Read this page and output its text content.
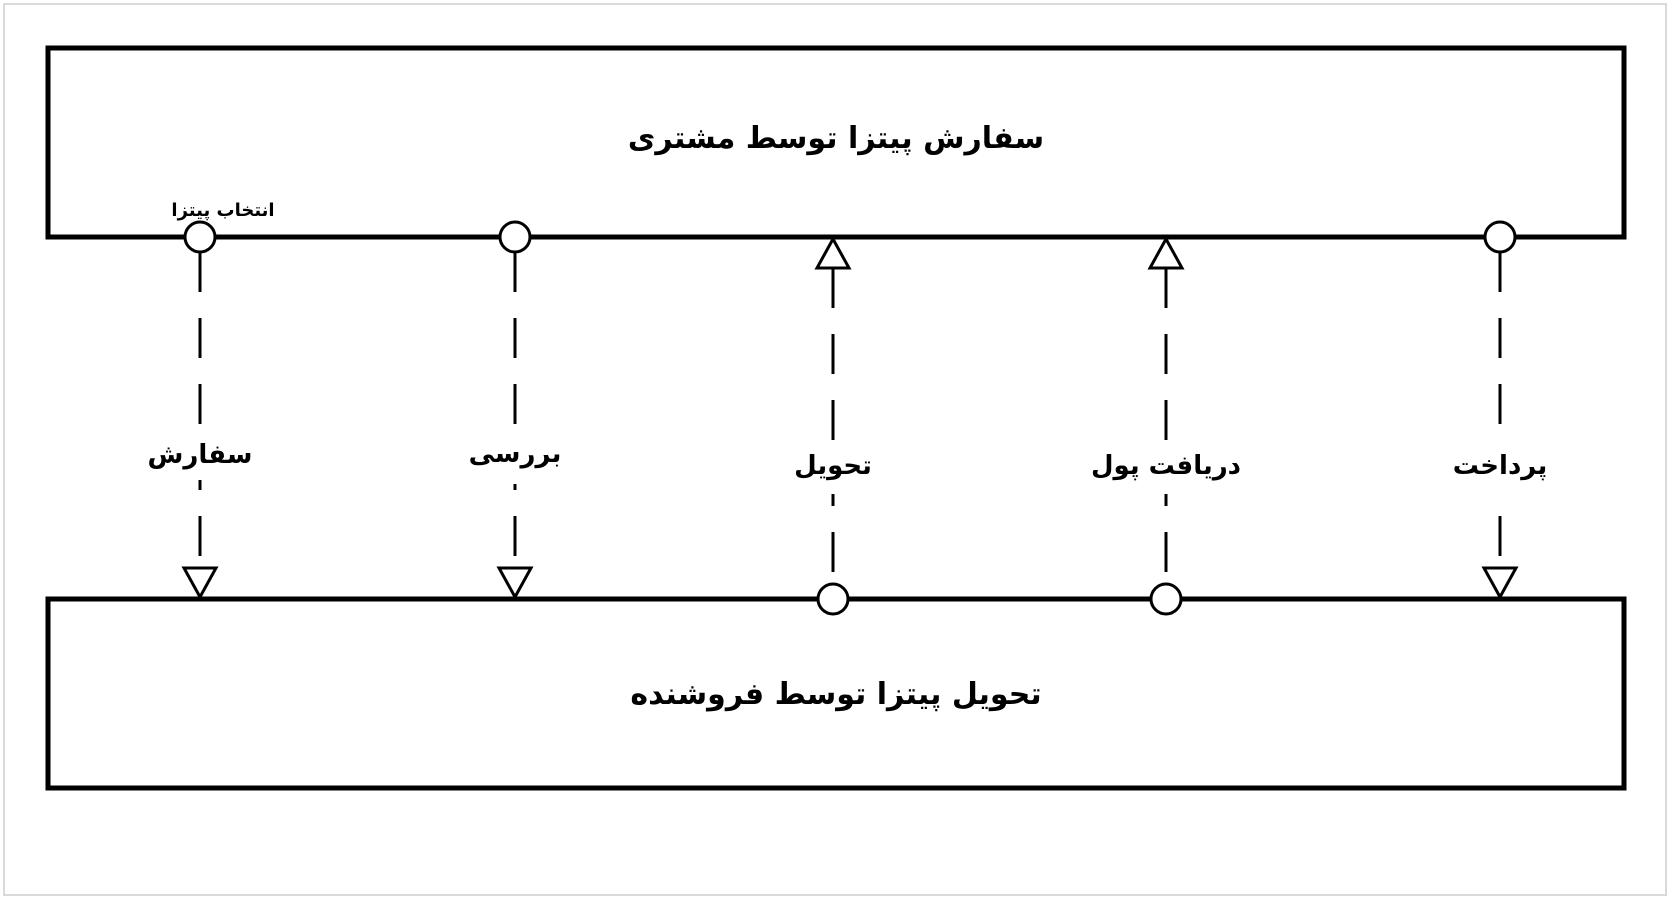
سفارش پیتزا توسط مشتری
تحویل پیتزا توسط فروشنده
سفارش
انتخاب پیتزا
بررسی	تحویل	دریافت پول	پرداخت
